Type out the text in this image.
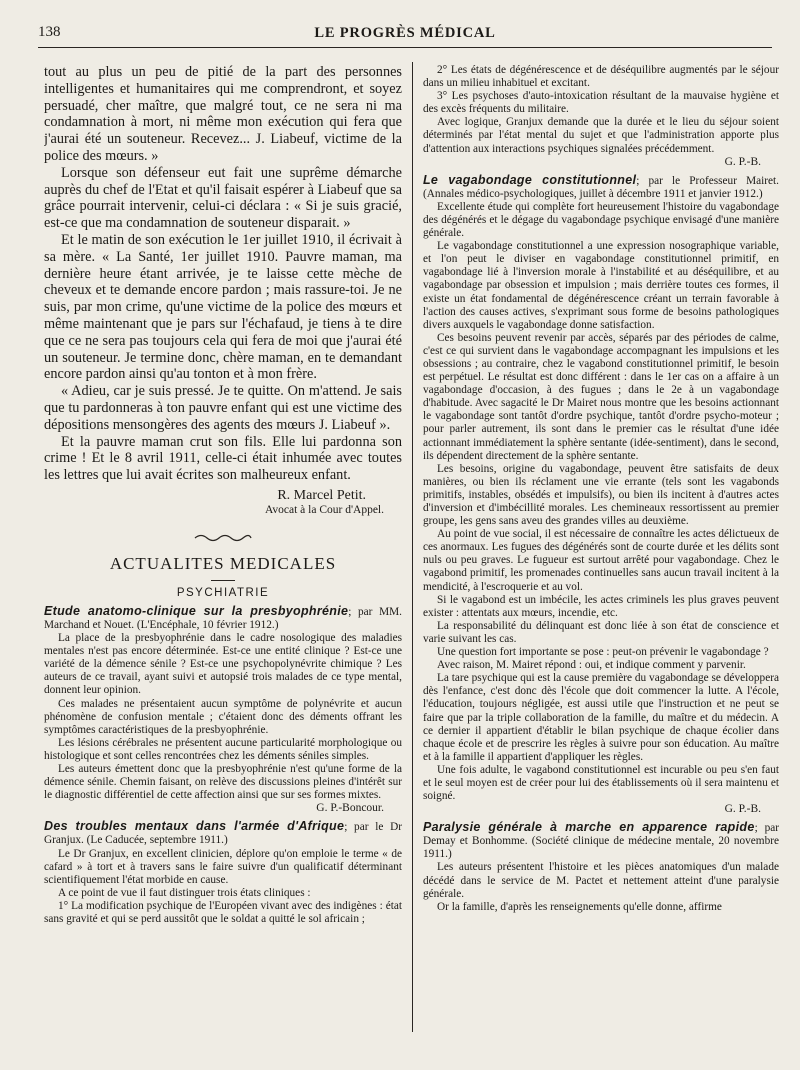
138	LE PROGRÈS MÉDICAL

tout au plus un peu de pitié de la part des personnes intelligentes et humanitaires qui me comprendront, et soyez persuadé, cher maître, que malgré tout, ce ne sera ni ma condamnation à mort, ni même mon exécution qui fera que j'aurai été un souteneur. Recevez... J. Liabeuf, victime de la police des mœurs. »

Lorsque son défenseur eut fait une suprême démarche auprès du chef de l'Etat et qu'il faisait espérer à Liabeuf que sa grâce pourrait intervenir, celui-ci déclara : « Si je suis gracié, est-ce que ma condamnation de souteneur disparait. »

Et le matin de son exécution le 1er juillet 1910, il écrivait à sa mère. « La Santé, 1er juillet 1910. Pauvre maman, ma dernière heure étant arrivée, je te laisse cette mèche de cheveux et te demande encore pardon ; mais rassure-toi. Je ne suis, par mon crime, qu'une victime de la police des mœurs et même maintenant que je pars sur l'échafaud, je tiens à te dire que ce ne sera pas toujours cela qui fera de moi que j'aurai été un souteneur. Je termine donc, chère maman, en te demandant encore pardon ainsi qu'au tonton et à mon frère.

« Adieu, car je suis pressé. Je te quitte. On m'attend. Je sais que tu pardonneras à ton pauvre enfant qui est une victime des dépositions mensongères des agents des mœurs J. Liabeuf ».

Et la pauvre maman crut son fils. Elle lui pardonna son crime ! Et le 8 avril 1911, celle-ci était inhumée avec toutes les lettres que lui avait écrites son malheureux enfant.

R. Marcel Petit.
Avocat à la Cour d'Appel.
ACTUALITES MEDICALES
PSYCHIATRIE

Etude anatomo-clinique sur la presbyophrénie; par MM. Marchand et Nouet. (L'Encéphale, 10 février 1912.)

La place de la presbyophrénie dans le cadre nosologique des maladies mentales n'est pas encore déterminée. Est-ce une entité clinique ? Est-ce une variété de la démence sénile ? Est-ce une psychopolynévrite chimique ? Les auteurs de ce travail, ayant suivi et autopsié trois malades de ce type mental, donnent leur opinion.

Ces malades ne présentaient aucun symptôme de polynévrite et aucun phénomène de confusion mentale ; c'étaient donc des déments offrant les symptômes caractéristiques de la presbyophrénie.

Les lésions cérébrales ne présentent aucune particularité morphologique ou histologique et sont celles rencontrées chez les déments séniles simples.

Les auteurs émettent donc que la presbyophrénie n'est qu'une forme de la démence sénile. Chemin faisant, on relève des discussions pleines d'intérêt sur le diagnostic différentiel de cette affection ainsi que sur ses formes mixtes.

G. P.-Boncour.

Des troubles mentaux dans l'armée d'Afrique; par le Dr Granjux. (Le Caducée, septembre 1911.)

Le Dr Granjux, en excellent clinicien, déplore qu'on emploie le terme « de cafard » à tort et à travers sans le faire suivre d'un qualificatif déterminant scientifiquement l'état morbide en cause.

A ce point de vue il faut distinguer trois états cliniques :

1° La modification psychique de l'Européen vivant avec des indigènes : état sans gravité et qui se perd aussitôt que le soldat a quitté le sol africain ;

2° Les états de dégénérescence et de déséquilibre augmentés par le séjour dans un milieu inhabituel et excitant.

3° Les psychoses d'auto-intoxication résultant de la mauvaise hygiène et des excès fréquents du militaire.

Avec logique, Granjux demande que la durée et le lieu du séjour soient déterminés par l'état mental du sujet et que l'administration apporte plus d'attention aux interactions psychiques signalées précédemment.

G. P.-B.

Le vagabondage constitutionnel; par le Professeur Mairet. (Annales médico-psychologiques, juillet à décembre 1911 et janvier 1912.)

Excellente étude qui complète fort heureusement l'histoire du vagabondage des dégénérés et le dégage du vagabondage psychique envisagé d'une manière générale.

Le vagabondage constitutionnel a une expression nosographique variable, et l'on peut le diviser en vagabondage constitutionnel primitif, en vagabondage lié à l'inversion morale à l'instabilité et au déséquilibre, et au vagabondage par obsession et impulsion ; mais derrière toutes ces formes, il existe un état fondamental de dégénérescence créant un terrain favorable à l'action des causes actives, s'exprimant sous forme de besoins pathologiques divers auxquels le vagabondage donne satisfaction.

Ces besoins peuvent revenir par accès, séparés par des périodes de calme, c'est ce qui survient dans le vagabondage accompagnant les impulsions et les obsessions ; au contraire, chez le vagabond constitutionnel primitif, le besoin est perpétuel. Le résultat est donc différent : dans le 1er cas on a affaire à un vagabondage d'occasion, à des fugues ; dans le 2e à un vagabondage d'habitude. Avec sagacité le Dr Mairet nous montre que les besoins actionnant le vagabondage sont tantôt d'ordre psychique, tantôt d'ordre psycho-moteur ; pour parler autrement, ils sont dans le premier cas le résultat d'une idée actionnant immédiatement la sphère sentante (idée-sentiment), dans le second, ils dépendent directement de la sphère sentante.

Les besoins, origine du vagabondage, peuvent être satisfaits de deux manières, ou bien ils réclament une vie errante (tels sont les vagabonds primitifs, instables, obsédés et impulsifs), ou bien ils incitent à d'autres actes d'inversion et d'imbécillité morales. Les chemineaux ressortissent au premier groupe, les gens sans aveu des grandes villes au deuxième.

Au point de vue social, il est nécessaire de connaître les actes délictueux de ces anormaux. Les fugues des dégénérés sont de courte durée et les délits sont nuls ou peu graves. Le fugueur est surtout arrêté pour vagabondage. Chez le vagabond primitif, les promenades continuelles sans aucun travail incitent à la mendicité, à l'escroquerie et au vol.

Si le vagabond est un imbécile, les actes criminels les plus graves peuvent exister : attentats aux mœurs, incendie, etc.

La responsabilité du délinquant est donc liée à son état de conscience et varie suivant les cas.

Une question fort importante se pose : peut-on prévenir le vagabondage ?

Avec raison, M. Mairet répond : oui, et indique comment y parvenir.

La tare psychique qui est la cause première du vagabondage se développera dès l'enfance, c'est donc dès l'école que doit commencer la lutte. A l'école, l'éducation, toujours négligée, est aussi utile que l'instruction et ne peut se faire que par la triple collaboration de la famille, du maître et du médecin. A ce dernier il appartient d'établir le bilan psychique de chaque écolier dans chaque école et de prescrire les règles à suivre pour son éducation. Au maître et à la famille il appartient d'appliquer les règles.

Une fois adulte, le vagabond constitutionnel est incurable ou peu s'en faut et le seul moyen est de créer pour lui des établissements où il sera maintenu et soigné.

G. P.-B.

Paralysie générale à marche en apparence rapide; par Demay et Bonhomme. (Société clinique de médecine mentale, 20 novembre 1911.)

Les auteurs présentent l'histoire et les pièces anatomiques d'un malade décédé dans le service de M. Pactet et nettement atteint d'une paralysie générale.

Or la famille, d'après les renseignements qu'elle donne, affirme
